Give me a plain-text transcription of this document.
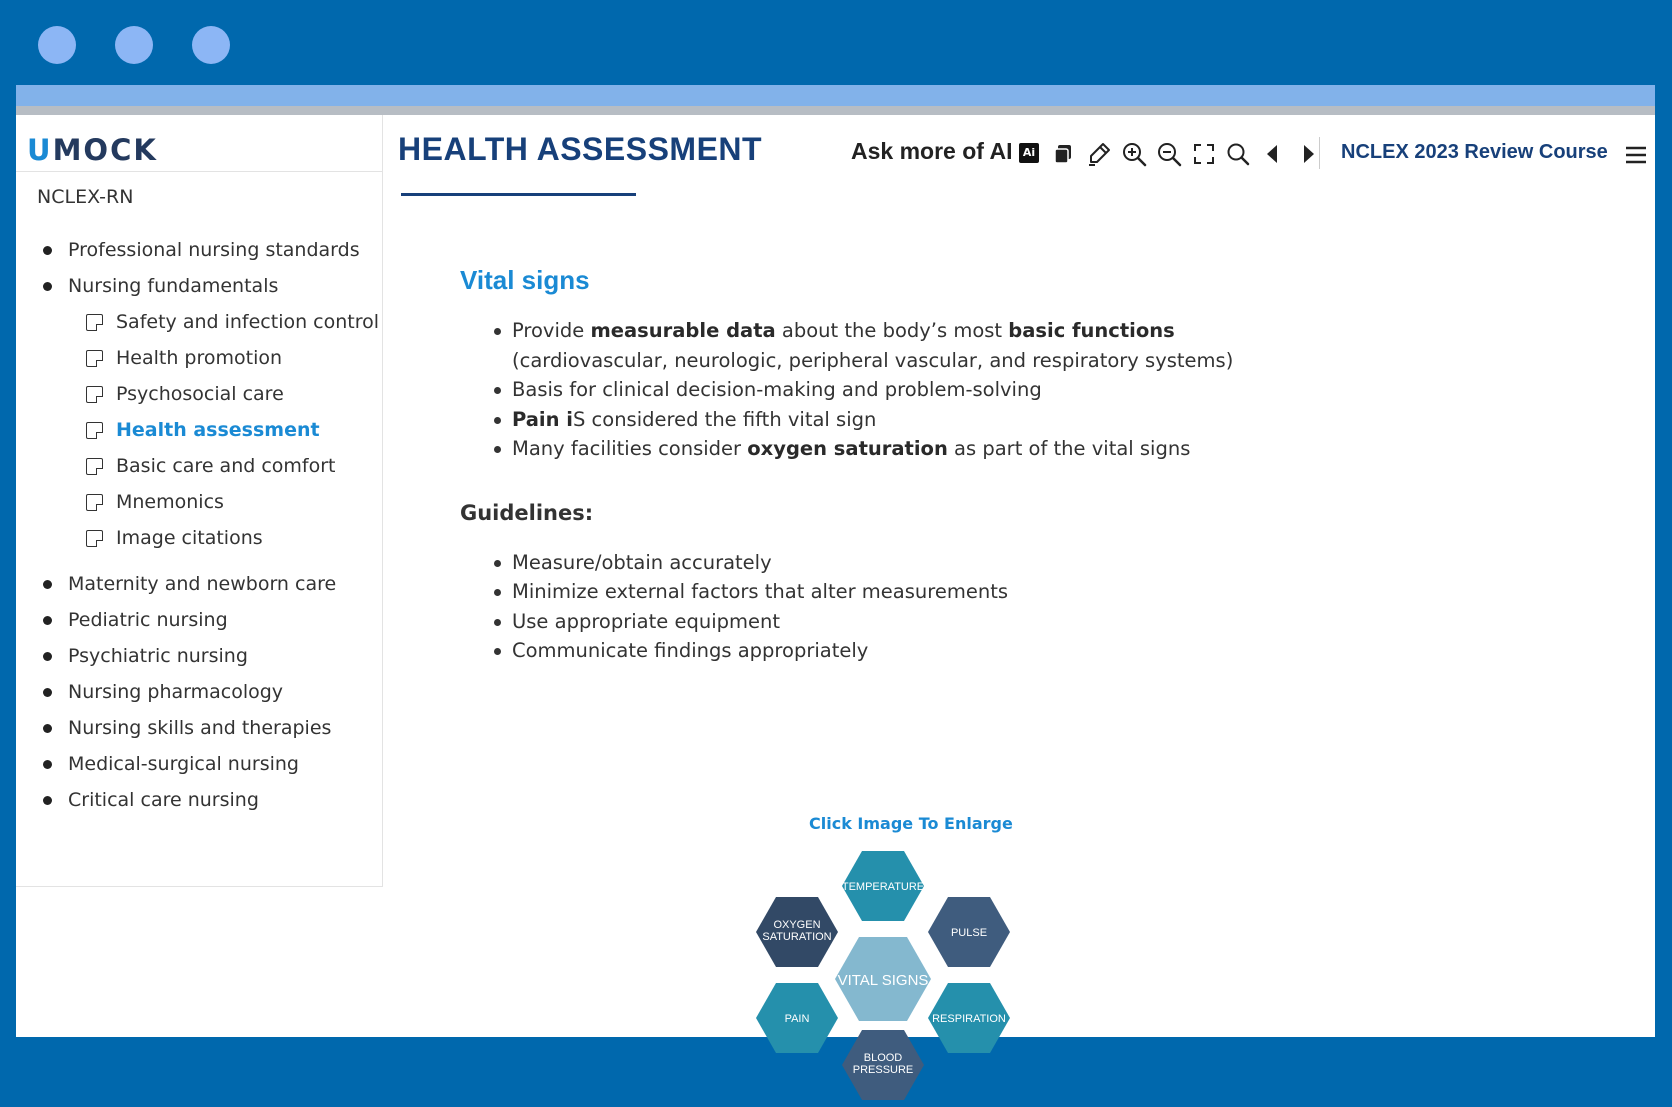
UMOCK
NCLEX-RN
Professional nursing standards
Nursing fundamentals
Safety and infection control
Health promotion
Psychosocial care
Health assessment
Basic care and comfort
Mnemonics
Image citations
Maternity and newborn care
Pediatric nursing
Psychiatric nursing
Nursing pharmacology
Nursing skills and therapies
Medical-surgical nursing
Critical care nursing
HEALTH ASSESSMENT	Ask more of AI Ai	NCLEX 2023 Review Course
Vital signs
Provide measurable data about the body’s most basic functions (cardiovascular, neurologic, peripheral vascular, and respiratory systems)
Basis for clinical decision-making and problem-solving
Pain iS considered the fifth vital sign
Many facilities consider oxygen saturation as part of the vital signs
Guidelines:
Measure/obtain accurately
Minimize external factors that alter measurements
Use appropriate equipment
Communicate findings appropriately
Click Image To Enlarge
VITAL SIGNS
TEMPERATURE
PULSE
RESPIRATION
BLOOD
PRESSURE
PAIN
OXYGEN
SATURATION
